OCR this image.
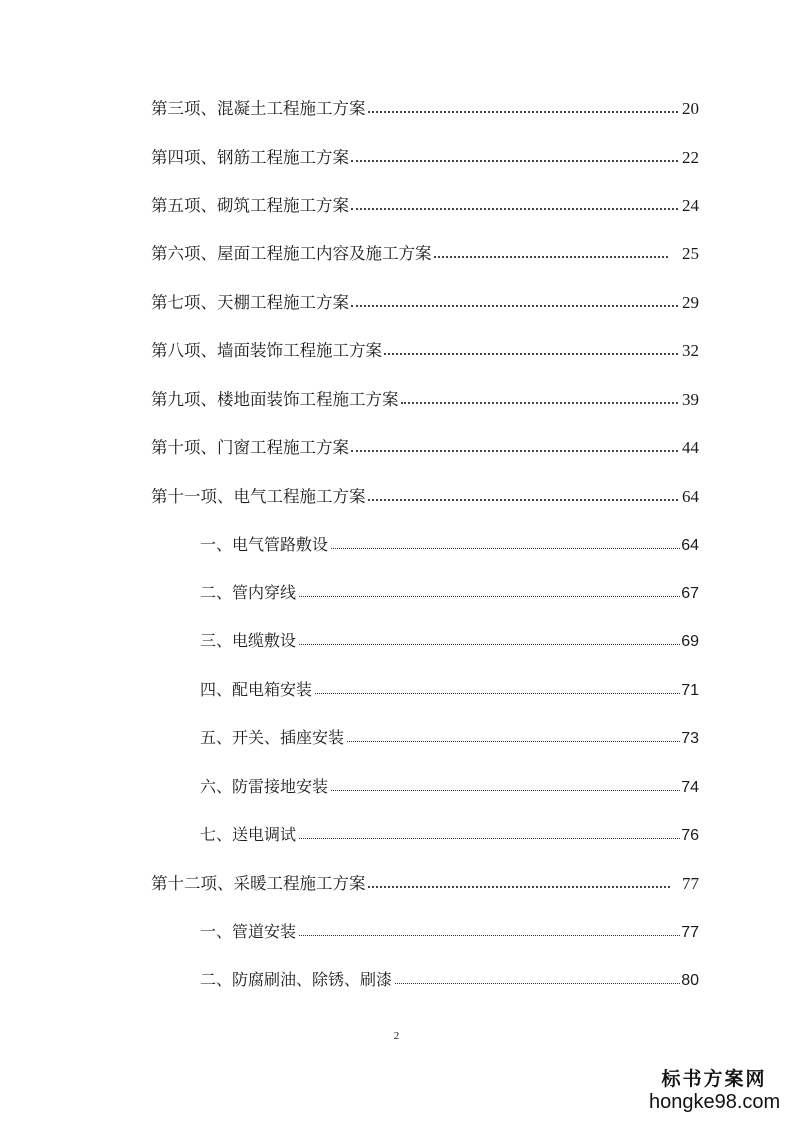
第三项、混凝土工程施工方案	20
第四项、钢筋工程施工方案	22
第五项、砌筑工程施工方案	24
第六项、屋面工程施工内容及施工方案	25
第七项、天棚工程施工方案	29
第八项、墙面装饰工程施工方案	32
第九项、楼地面装饰工程施工方案	39
第十项、门窗工程施工方案	44
第十一项、电气工程施工方案	64
一、电气管路敷设	64
二、管内穿线	67
三、电缆敷设	69
四、配电箱安装	71
五、开关、插座安装	73
六、防雷接地安装	74
七、送电调试	76
第十二项、采暖工程施工方案	77
一、管道安装	77
二、防腐刷油、除锈、刷漆	80
2
标书方案网
hongke98.com
